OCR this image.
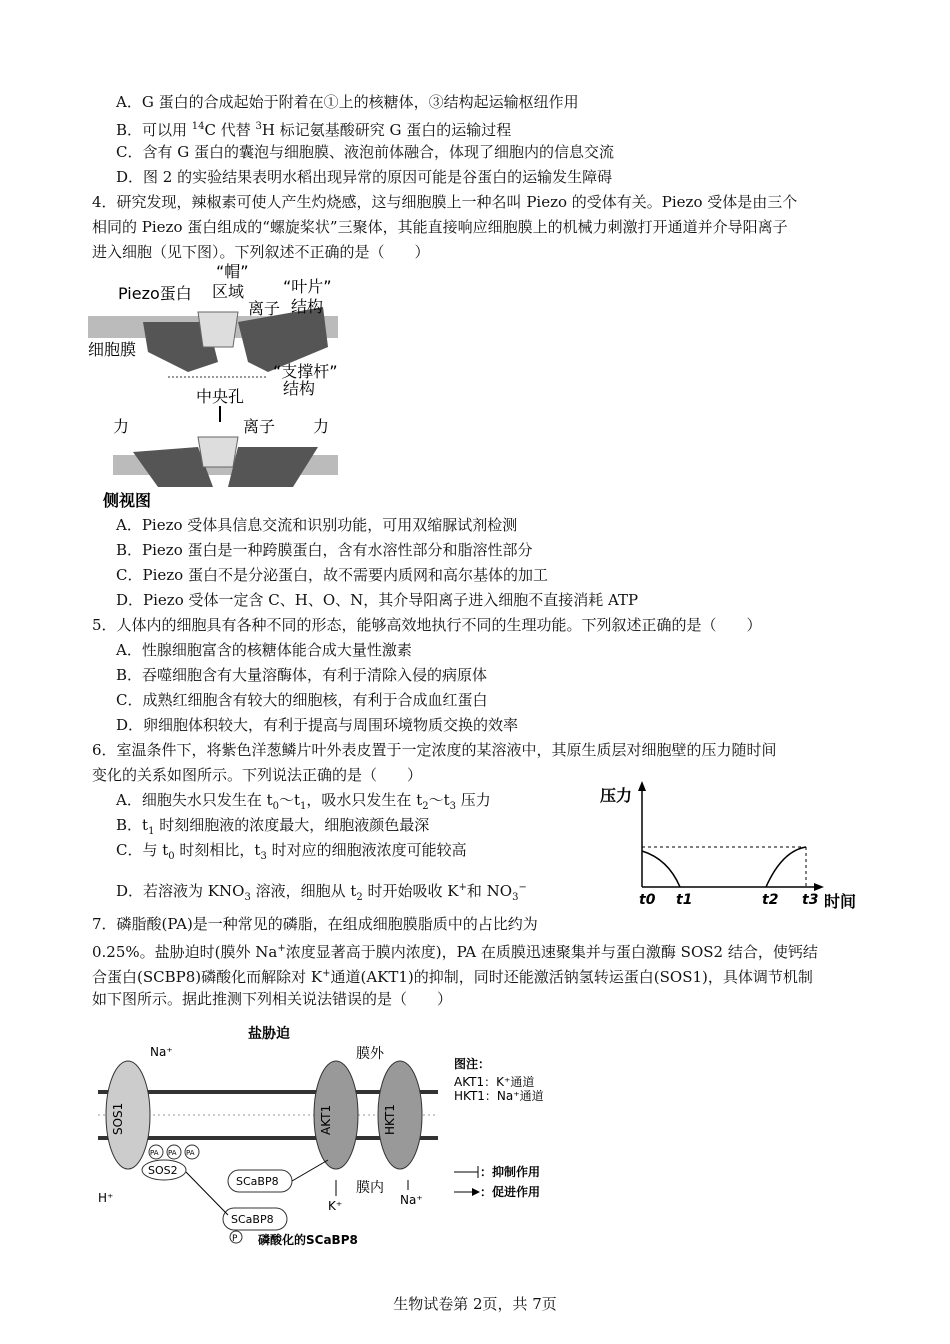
A．G 蛋白的合成起始于附着在①上的核糖体，③结构起运输枢纽作用
B．可以用 $^{14}$C 代替 $^3$H 标记氨基酸研究 G 蛋白的运输过程
C．含有 G 蛋白的囊泡与细胞膜、液泡前体融合，体现了细胞内的信息交流
D．图 2 的实验结果表明水稻出现异常的原因可能是谷蛋白的运输发生障碍
4．研究发现，辣椒素可使人产生灼烧感，这与细胞膜上一种名叫 Piezo 的受体有关。Piezo 受体是由三个
相同的 Piezo 蛋白组成的“螺旋桨状”三聚体，其能直接响应细胞膜上的机械力刺激打开通道并介导阳离子
进入细胞（见下图）。下列叙述不正确的是（　　）
Piezo蛋白
“帽”
区域 “叶片”
结构
离子
细胞膜
“支撑杆”
结构
中央孔
力	力
离子
侧视图
A．Piezo 受体具信息交流和识别功能，可用双缩脲试剂检测
B．Piezo 蛋白是一种跨膜蛋白，含有水溶性部分和脂溶性部分
C．Piezo 蛋白不是分泌蛋白，故不需要内质网和高尔基体的加工
D．Piezo 受体一定含 C、H、O、N，其介导阳离子进入细胞不直接消耗 ATP
5．人体内的细胞具有各种不同的形态，能够高效地执行不同的生理功能。下列叙述正确的是（　　）
A．性腺细胞富含的核糖体能合成大量性激素
B．吞噬细胞含有大量溶酶体，有利于清除入侵的病原体
C．成熟红细胞含有较大的细胞核，有利于合成血红蛋白
D．卵细胞体积较大，有利于提高与周围环境物质交换的效率
6．室温条件下，将紫色洋葱鳞片叶外表皮置于一定浓度的某溶液中，其原生质层对细胞壁的压力随时间
变化的关系如图所示。下列说法正确的是（　　）
A．细胞失水只发生在 $t_0\sim t_1$，吸水只发生在 $t_2\sim t_3$ 压力
B．$t_1$ 时刻细胞液的浓度最大，细胞液颜色最深
C．与 $t_0$ 时刻相比，$t_3$ 时对应的细胞液浓度可能较高
D．若溶液为 $KNO_3$ 溶液，细胞从 $t_2$ 时开始吸收 K+和 $NO_3^-$
压力
时间
t0 t1	t2 t3
7．磷脂酸(PA)是一种常见的磷脂，在组成细胞膜脂质中的占比约为
0.25%。盐胁迫时(膜外 Na+浓度显著高于膜内浓度)，PA 在质膜迅速聚集并与蛋白激酶 SOS2 结合，使钙结
合蛋白(SCBP8)磷酸化而解除对 K+通道(AKT1)的抑制，同时还能激活钠氢转运蛋白(SOS1)，具体调节机制
如下图所示。据此推测下列相关说法错误的是（　　）
盐胁迫
膜外
膜内
SOS1	AKT1	HKT1
Na⁺
PA PA PA
SOS2
SCaBP8
SCaBP8
P 磷酸化的SCaBP8
H⁺
K⁺	Na⁺
图注：
AKT1：K⁺通道
HKT1：Na⁺通道
：抑制作用
：促进作用
生物试卷第 2页，共 7页
